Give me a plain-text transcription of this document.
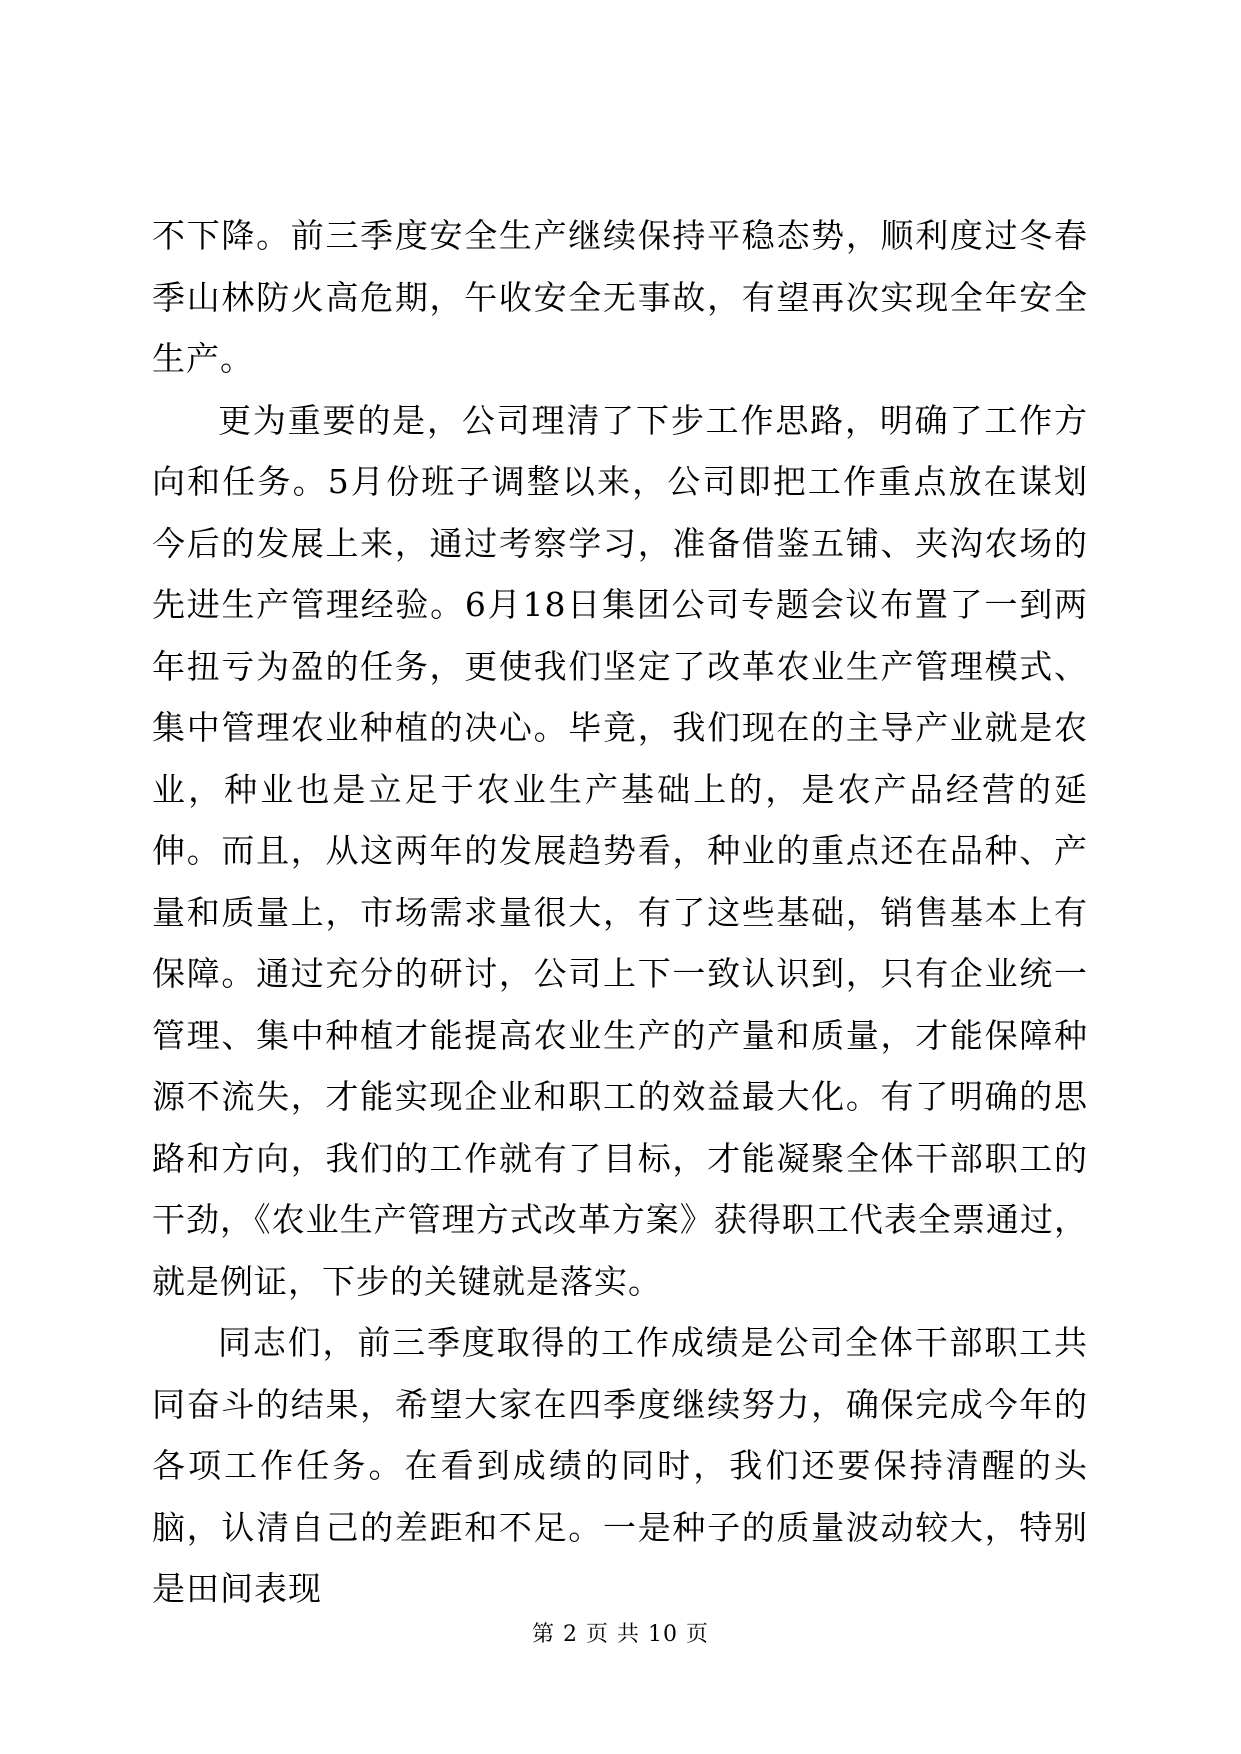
不下降。前三季度安全生产继续保持平稳态势，顺利度过冬春季山林防火高危期，午收安全无事故，有望再次实现全年安全生产。

更为重要的是，公司理清了下步工作思路，明确了工作方向和任务。5月份班子调整以来，公司即把工作重点放在谋划今后的发展上来，通过考察学习，准备借鉴五铺、夹沟农场的先进生产管理经验。6月18日集团公司专题会议布置了一到两年扭亏为盈的任务，更使我们坚定了改革农业生产管理模式、集中管理农业种植的决心。毕竟，我们现在的主导产业就是农业，种业也是立足于农业生产基础上的，是农产品经营的延伸。而且，从这两年的发展趋势看，种业的重点还在品种、产量和质量上，市场需求量很大，有了这些基础，销售基本上有保障。通过充分的研讨，公司上下一致认识到，只有企业统一管理、集中种植才能提高农业生产的产量和质量，才能保障种源不流失，才能实现企业和职工的效益最大化。有了明确的思路和方向，我们的工作就有了目标，才能凝聚全体干部职工的干劲，《农业生产管理方式改革方案》获得职工代表全票通过，就是例证，下步的关键就是落实。

同志们，前三季度取得的工作成绩是公司全体干部职工共同奋斗的结果，希望大家在四季度继续努力，确保完成今年的各项工作任务。在看到成绩的同时，我们还要保持清醒的头脑，认清自己的差距和不足。一是种子的质量波动较大，特别是田间表现

第 2 页 共 10 页
